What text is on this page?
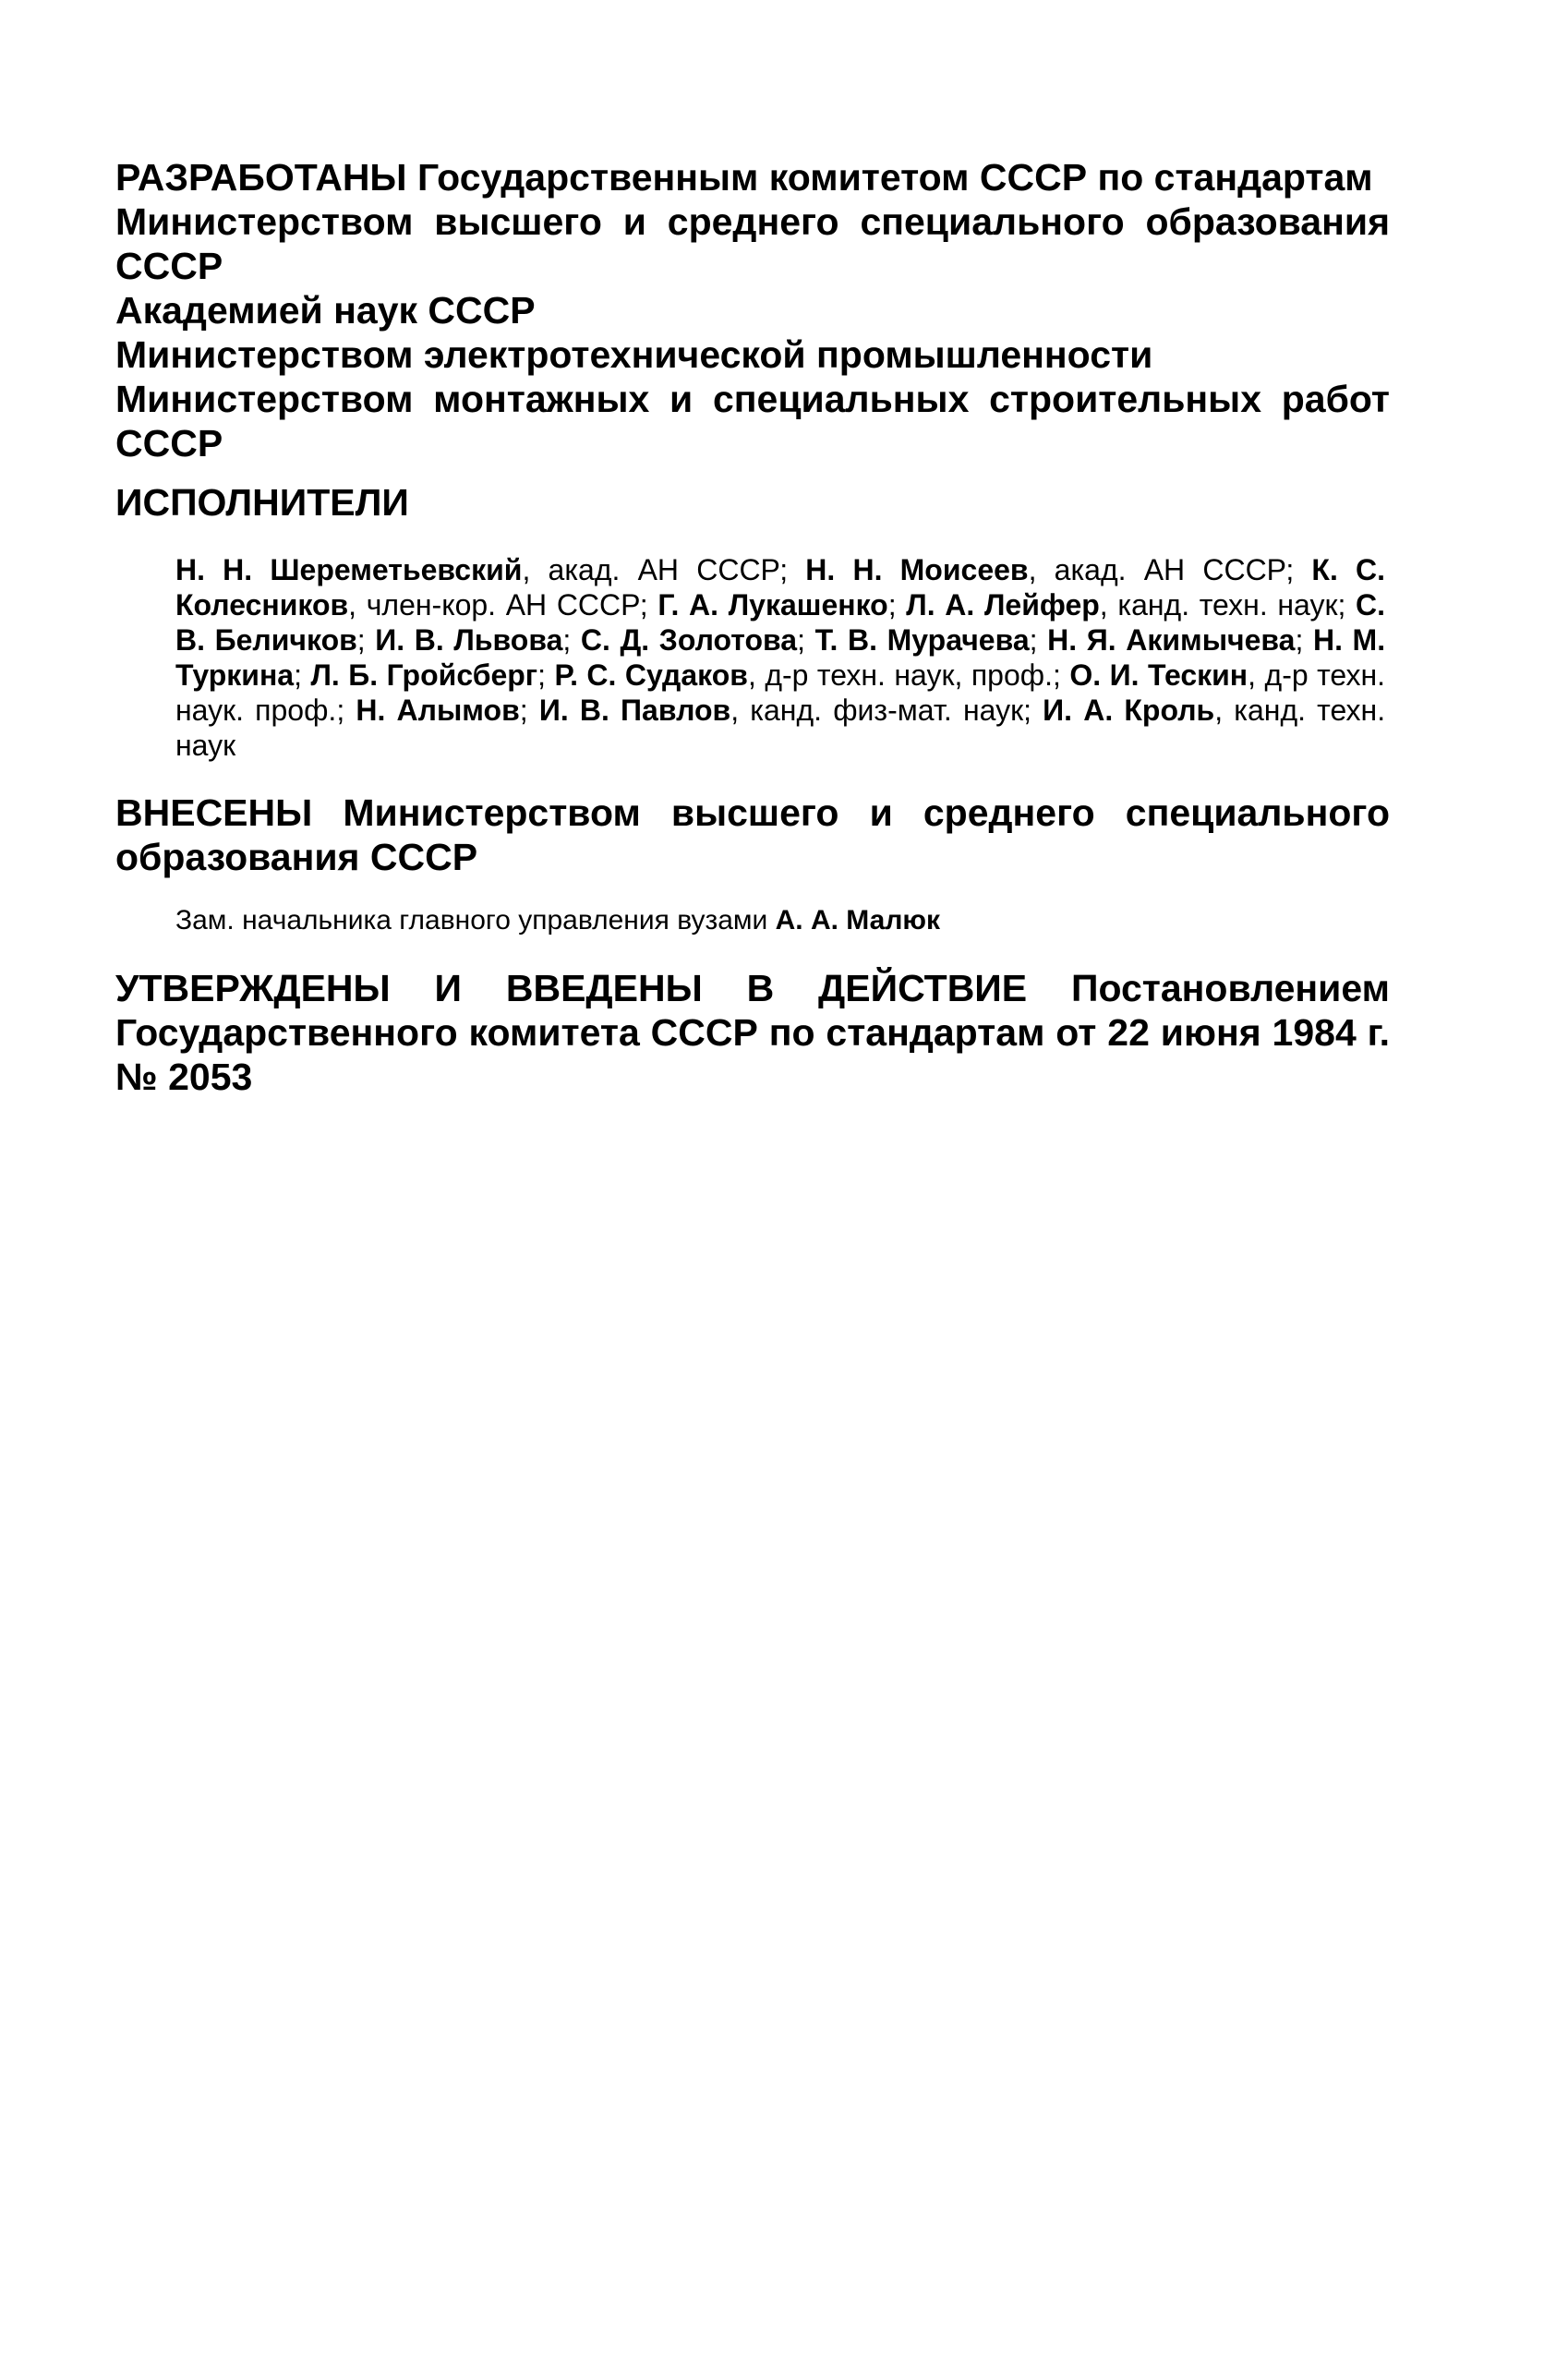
РАЗРАБОТАНЫ Государственным комитетом СССР по стандартам
Министерством высшего и среднего специального образования СССР
Академией наук СССР
Министерством электротехнической промышленности
Министерством монтажных и специальных строительных работ СССР
ИСПОЛНИТЕЛИ
Н. Н. Шереметьевский, акад. АН СССР; Н. Н. Моисеев, акад. АН СССР; К. С. Колесников, член-кор. АН СССР; Г. А. Лукашенко; Л. А. Лейфер, канд. техн. наук; С. В. Беличков; И. В. Львова; С. Д. Золотова; Т. В. Мурачева; Н. Я. Акимычева; Н. М. Туркина; Л. Б. Гройсберг; Р. С. Судаков, д-р техн. наук, проф.; О. И. Тескин, д-р техн. наук. проф.; Н. Алымов; И. В. Павлов, канд. физ-мат. наук; И. А. Кроль, канд. техн. наук
ВНЕСЕНЫ Министерством высшего и среднего специального образования СССР
Зам. начальника главного управления вузами А. А. Малюк
УТВЕРЖДЕНЫ И ВВЕДЕНЫ В ДЕЙСТВИЕ Постановлением Государственного комитета СССР по стандартам от 22 июня 1984 г. № 2053
